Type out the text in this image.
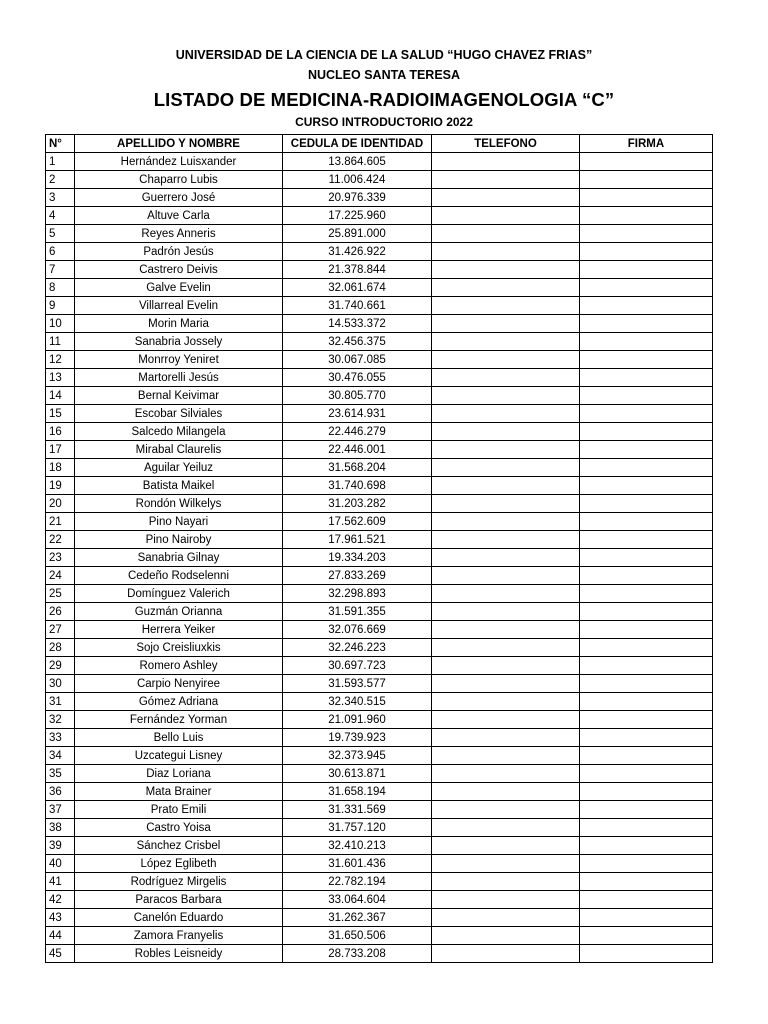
UNIVERSIDAD DE LA CIENCIA DE LA SALUD “HUGO CHAVEZ FRIAS”
NUCLEO SANTA TERESA
LISTADO DE MEDICINA-RADIOIMAGENOLOGIA “C”
CURSO INTRODUCTORIO 2022
N°	APELLIDO Y NOMBRE	CEDULA DE IDENTIDAD	TELEFONO	FIRMA
1	Hernández Luisxander	13.864.605		
2	Chaparro Lubis	11.006.424		
3	Guerrero José	20.976.339		
4	Altuve Carla	17.225.960		
5	Reyes Anneris	25.891.000		
6	Padrón Jesús	31.426.922		
7	Castrero Deivis	21.378.844		
8	Galve Evelin	32.061.674		
9	Villarreal Evelin	31.740.661		
10	Morin Maria	14.533.372		
11	Sanabria Jossely	32.456.375		
12	Monrroy Yeniret	30.067.085		
13	Martorelli Jesús	30.476.055		
14	Bernal Keivimar	30.805.770		
15	Escobar Silviales	23.614.931		
16	Salcedo Milangela	22.446.279		
17	Mirabal Claurelis	22.446.001		
18	Aguilar Yeiluz	31.568.204		
19	Batista Maikel	31.740.698		
20	Rondón Wilkelys	31.203.282		
21	Pino Nayari	17.562.609		
22	Pino Nairoby	17.961.521		
23	Sanabria Gilnay	19.334.203		
24	Cedeño Rodselenni	27.833.269		
25	Domínguez Valerich	32.298.893		
26	Guzmán Orianna	31.591.355		
27	Herrera Yeiker	32.076.669		
28	Sojo Creisliuxkis	32.246.223		
29	Romero Ashley	30.697.723		
30	Carpio Nenyiree	31.593.577		
31	Gómez Adriana	32.340.515		
32	Fernández Yorman	21.091.960		
33	Bello Luis	19.739.923		
34	Uzcategui Lisney	32.373.945		
35	Diaz Loriana	30.613.871		
36	Mata Brainer	31.658.194		
37	Prato Emili	31.331.569		
38	Castro Yoisa	31.757.120		
39	Sánchez Crisbel	32.410.213		
40	López Eglibeth	31.601.436		
41	Rodríguez Mirgelis	22.782.194		
42	Paracos Barbara	33.064.604		
43	Canelón Eduardo	31.262.367		
44	Zamora Franyelis	31.650.506		
45	Robles Leisneidy	28.733.208		
